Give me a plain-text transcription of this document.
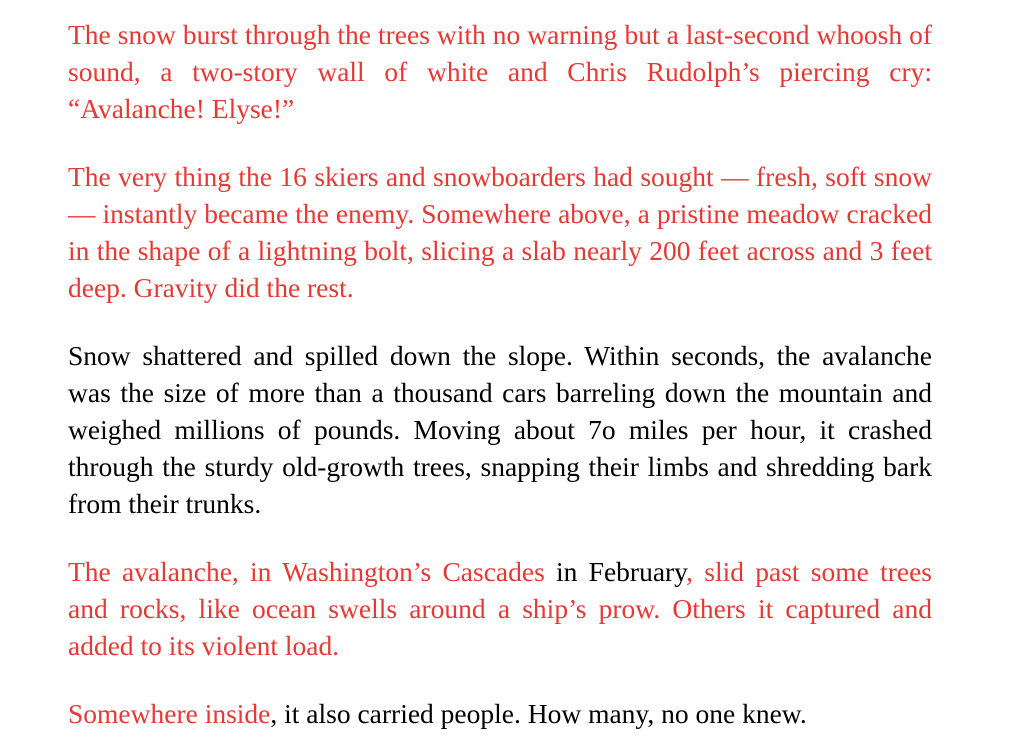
The snow burst through the trees with no warning but a last-second whoosh of sound, a two-story wall of white and Chris Rudolph’s piercing cry: “Avalanche! Elyse!”

The very thing the 16 skiers and snowboarders had sought — fresh, soft snow — instantly became the enemy. Somewhere above, a pristine meadow cracked in the shape of a lightning bolt, slicing a slab nearly 200 feet across and 3 feet deep. Gravity did the rest.

Snow shattered and spilled down the slope. Within seconds, the avalanche was the size of more than a thousand cars barreling down the mountain and weighed millions of pounds. Moving about 7o miles per hour, it crashed through the sturdy old-growth trees, snapping their limbs and shredding bark from their trunks.

The avalanche, in Washington’s Cascades in February, slid past some trees and rocks, like ocean swells around a ship’s prow. Others it captured and added to its violent load.

Somewhere inside, it also carried people. How many, no one knew.
